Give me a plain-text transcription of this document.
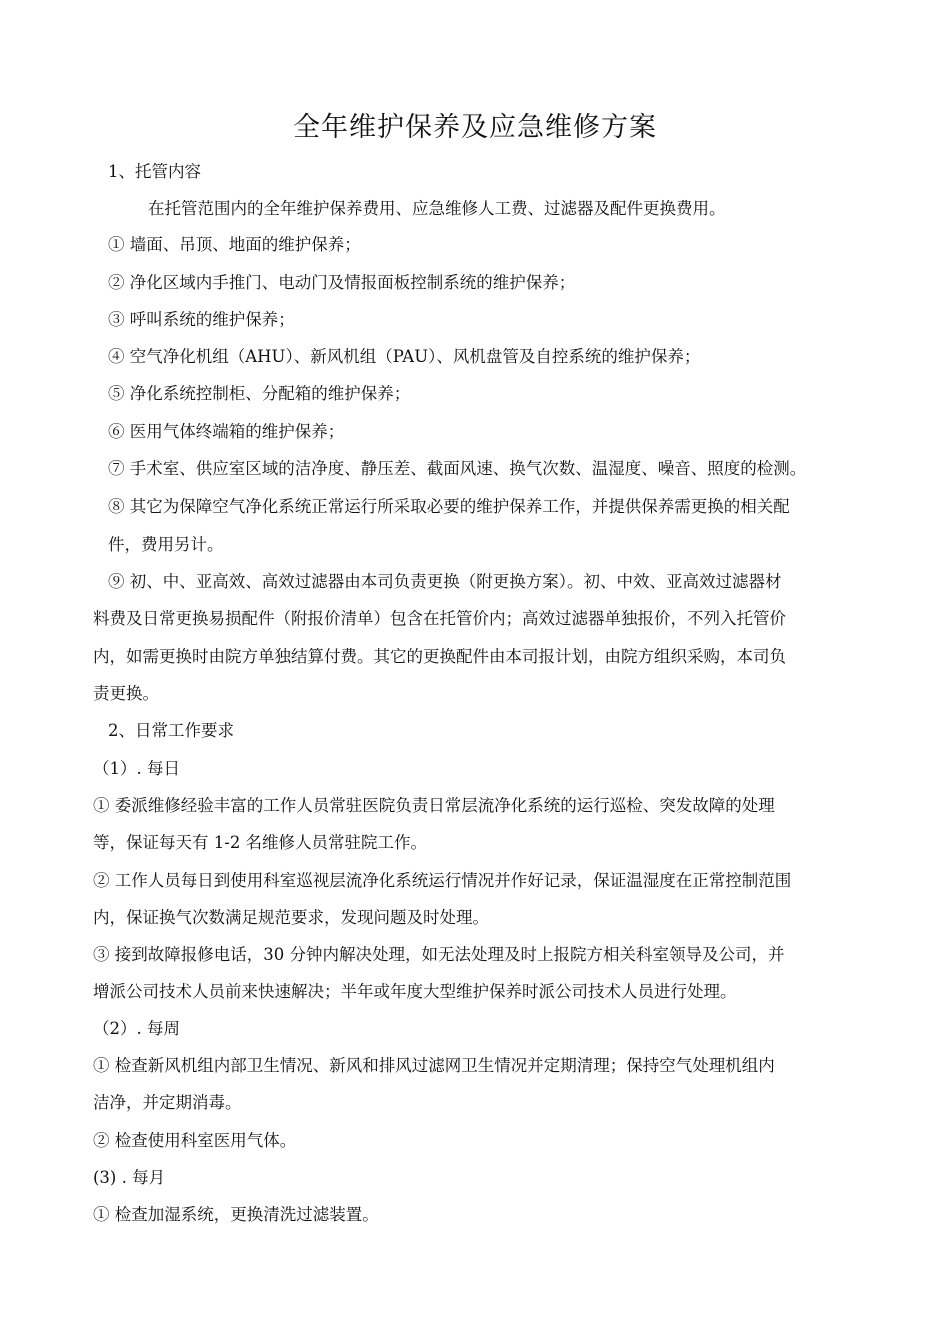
全年维护保养及应急维修方案
1、托管内容
在托管范围内的全年维护保养费用、应急维修人工费、过滤器及配件更换费用。
① 墙面、吊顶、地面的维护保养；
② 净化区域内手推门、电动门及情报面板控制系统的维护保养；
③ 呼叫系统的维护保养；
④ 空气净化机组（AHU）、新风机组（PAU）、风机盘管及自控系统的维护保养；
⑤ 净化系统控制柜、分配箱的维护保养；
⑥ 医用气体终端箱的维护保养；
⑦ 手术室、供应室区域的洁净度、静压差、截面风速、换气次数、温湿度、噪音、照度的检测。
⑧ 其它为保障空气净化系统正常运行所采取必要的维护保养工作，并提供保养需更换的相关配
件，费用另计。
⑨ 初、中、亚高效、高效过滤器由本司负责更换（附更换方案）。初、中效、亚高效过滤器材
料费及日常更换易损配件（附报价清单）包含在托管价内；高效过滤器单独报价，不列入托管价
内，如需更换时由院方单独结算付费。其它的更换配件由本司报计划，由院方组织采购，本司负
责更换。
2、日常工作要求
（1）. 每日
① 委派维修经验丰富的工作人员常驻医院负责日常层流净化系统的运行巡检、突发故障的处理
等，保证每天有 1-2 名维修人员常驻院工作。
② 工作人员每日到使用科室巡视层流净化系统运行情况并作好记录，保证温湿度在正常控制范围
内，保证换气次数满足规范要求，发现问题及时处理。
③ 接到故障报修电话，30 分钟内解决处理，如无法处理及时上报院方相关科室领导及公司，并
增派公司技术人员前来快速解决；半年或年度大型维护保养时派公司技术人员进行处理。
（2）. 每周
① 检查新风机组内部卫生情况、新风和排风过滤网卫生情况并定期清理；保持空气处理机组内
洁净，并定期消毒。
② 检查使用科室医用气体。
(3) . 每月
① 检查加湿系统，更换清洗过滤装置。
